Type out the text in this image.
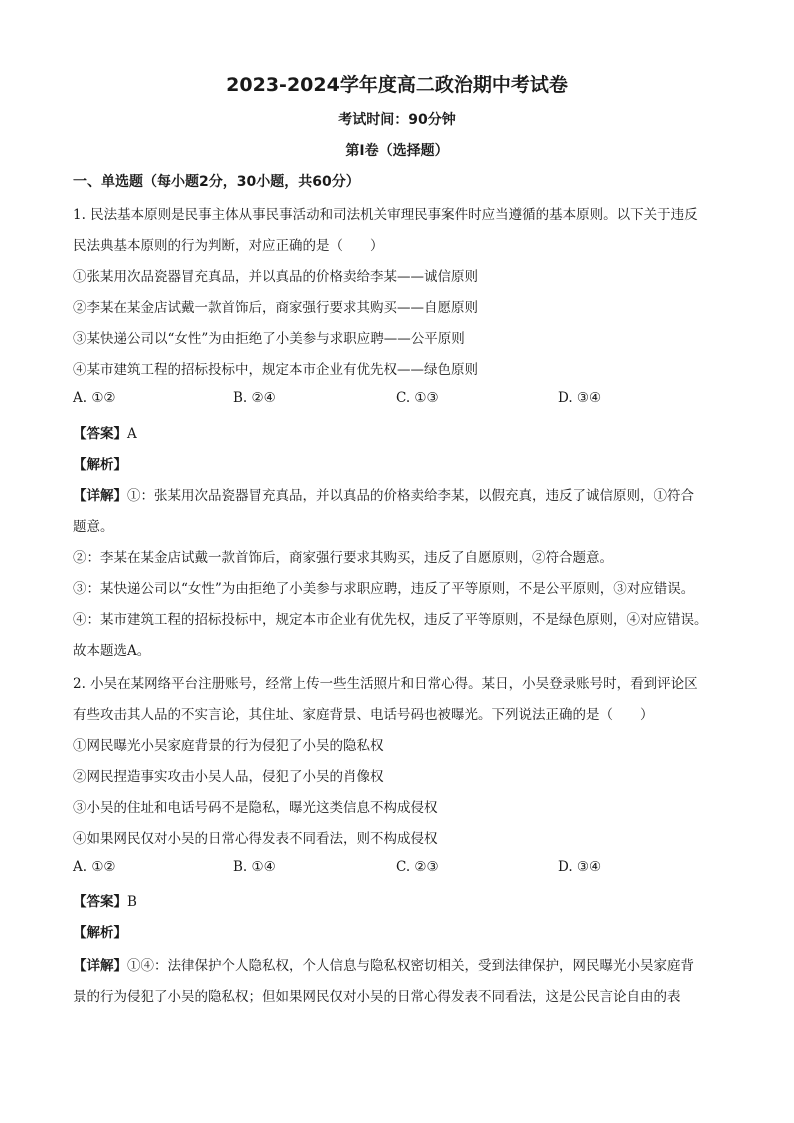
2023-2024学年度高二政治期中考试卷
考试时间：90分钟
第Ⅰ卷（选择题）
一、单选题（每小题2分，30小题，共60分）
1. 民法基本原则是民事主体从事民事活动和司法机关审理民事案件时应当遵循的基本原则。以下关于违反
民法典基本原则的行为判断，对应正确的是（　　）
①张某用次品瓷器冒充真品，并以真品的价格卖给李某——诚信原则
②李某在某金店试戴一款首饰后，商家强行要求其购买——自愿原则
③某快递公司以“女性”为由拒绝了小美参与求职应聘——公平原则
④某市建筑工程的招标投标中，规定本市企业有优先权——绿色原则
A. ①②	B. ②④	C. ①③	D. ③④
【答案】A
【解析】
【详解】①：张某用次品瓷器冒充真品，并以真品的价格卖给李某，以假充真，违反了诚信原则，①符合
题意。
②：李某在某金店试戴一款首饰后，商家强行要求其购买，违反了自愿原则，②符合题意。
③：某快递公司以“女性”为由拒绝了小美参与求职应聘，违反了平等原则，不是公平原则，③对应错误。
④：某市建筑工程的招标投标中，规定本市企业有优先权，违反了平等原则，不是绿色原则，④对应错误。
故本题选A。
2. 小吴在某网络平台注册账号，经常上传一些生活照片和日常心得。某日，小吴登录账号时，看到评论区
有些攻击其人品的不实言论，其住址、家庭背景、电话号码也被曝光。下列说法正确的是（　　）
①网民曝光小吴家庭背景的行为侵犯了小吴的隐私权
②网民捏造事实攻击小吴人品，侵犯了小吴的肖像权
③小吴的住址和电话号码不是隐私，曝光这类信息不构成侵权
④如果网民仅对小吴的日常心得发表不同看法，则不构成侵权
A. ①②	B. ①④	C. ②③	D. ③④
【答案】B
【解析】
【详解】①④：法律保护个人隐私权，个人信息与隐私权密切相关，受到法律保护，网民曝光小吴家庭背
景的行为侵犯了小吴的隐私权；但如果网民仅对小吴的日常心得发表不同看法，这是公民言论自由的表
